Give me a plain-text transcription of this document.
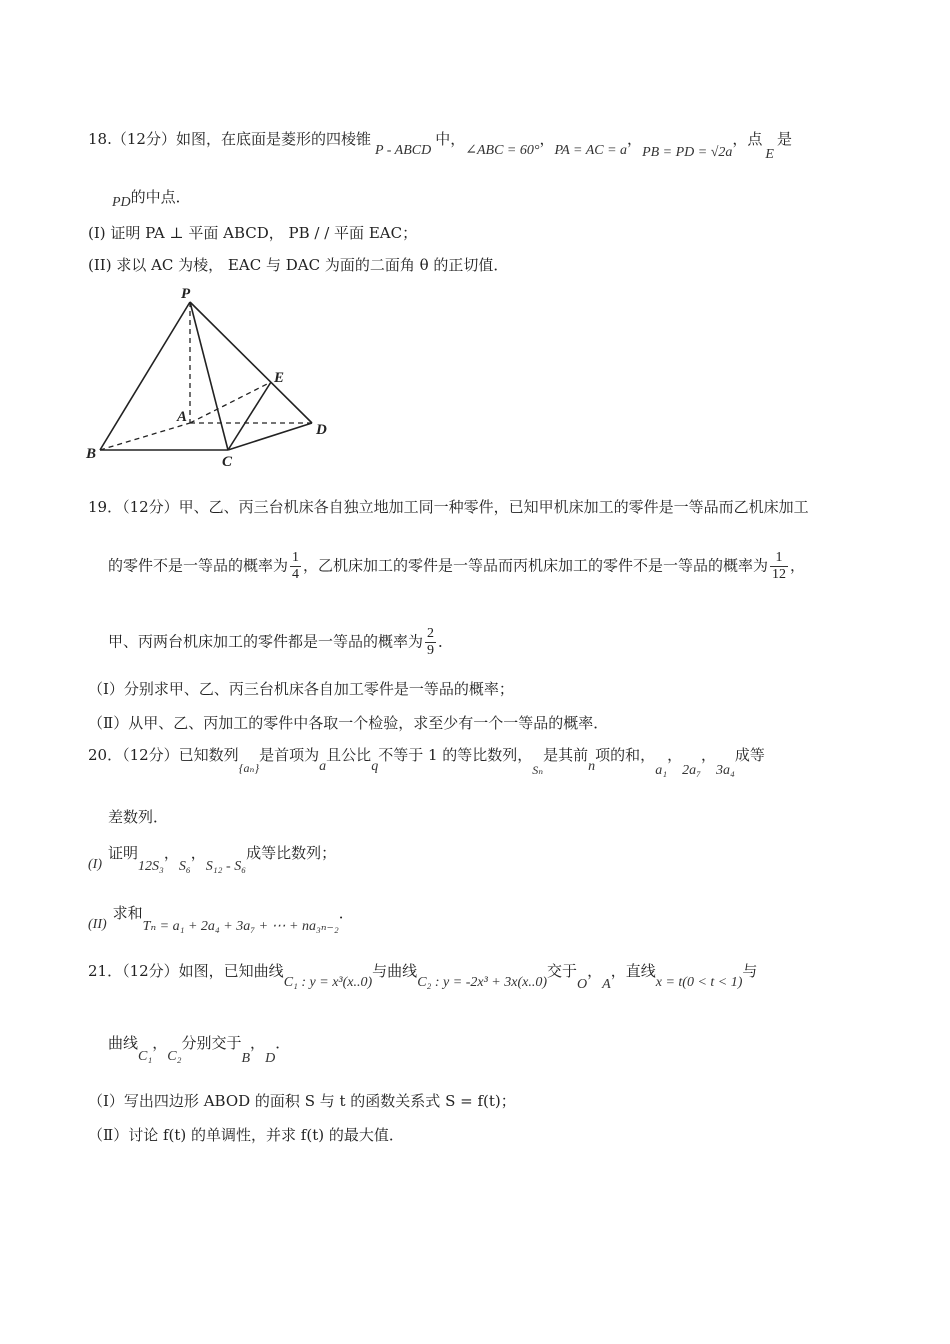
18.（12分）如图，在底面是菱形的四棱锥P - ABCD中，∠ABC = 60°，PA = AC = a，PB = PD = √2a，点E是
PD的中点．
(I) 证明 PA ⊥ 平面 ABCD， PB / / 平面 EAC；
(II) 求以 AC 为棱， EAC 与 DAC 为面的二面角 θ 的正切值．
P
E
A
D
B	C
19．（12分）甲、乙、丙三台机床各自独立地加工同一种零件，已知甲机床加工的零件是一等品而乙机床加工
的零件不是一等品的概率为 $\frac{1}{4}$ ，乙机床加工的零件是一等品而丙机床加工的零件不是一等品的概率为 $\frac{1}{12}$ ，
甲、丙两台机床加工的零件都是一等品的概率为 $\frac{2}{9}$ ．
（Ⅰ）分别求甲、乙、丙三台机床各自加工零件是一等品的概率；
（Ⅱ）从甲、乙、丙加工的零件中各取一个检验，求至少有一个一等品的概率．
20．（12分）已知数列$_{\{a_n\}}$是首项为a且公比q不等于 1 的等比数列，$_{S_n}$是其前n项的和，a₁，2a₇，3a₄成等
差数列．
(I)证明12S₃，S₆，S₁₂ - S₆成等比数列；
(II)求和Tₙ = a₁ + 2a₄ + 3a₇ + ⋯ + na₃ₙ₋₂．
21．（12分）如图，已知曲线C₁ : y = x³(x..0)与曲线C₂ : y = -2x³ + 3x(x..0)交于O，A，直线x = t(0 < t < 1)与
曲线C₁，C₂分别交于B，D．
（Ⅰ）写出四边形 ABOD 的面积 S 与 t 的函数关系式 S = f(t)；
（Ⅱ）讨论 f(t) 的单调性，并求 f(t) 的最大值．
